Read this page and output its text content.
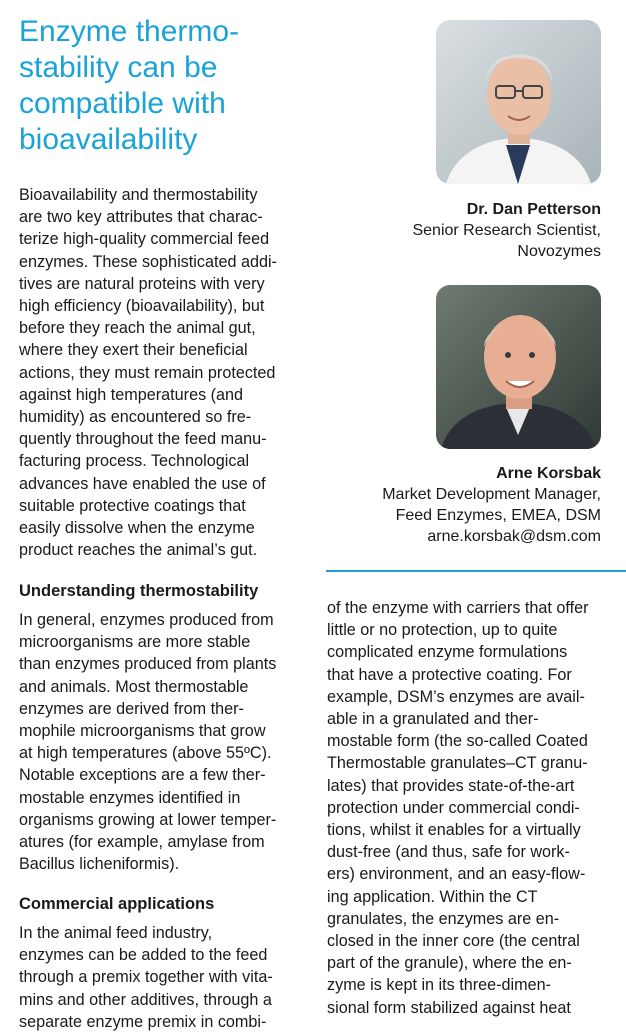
Enzyme thermo-
stability can be
compatible with
bioavailability

Bioavailability and thermostability
are two key attributes that charac-
terize high-quality commercial feed
enzymes. These sophisticated addi-
tives are natural proteins with very
high efficiency (bioavailability), but
before they reach the animal gut,
where they exert their beneficial
actions, they must remain protected
against high temperatures (and
humidity) as encountered so fre-
quently throughout the feed manu-
facturing process. Technological
advances have enabled the use of
suitable protective coatings that
easily dissolve when the enzyme
product reaches the animal’s gut.

Understanding thermostability

In general, enzymes produced from
microorganisms are more stable
than enzymes produced from plants
and animals. Most thermostable
enzymes are derived from ther-
mophile microorganisms that grow
at high temperatures (above 55ºC).
Notable exceptions are a few ther-
mostable enzymes identified in
organisms growing at lower temper-
atures (for example, amylase from
Bacillus licheniformis).

Commercial applications

In the animal feed industry,
enzymes can be added to the feed
through a premix together with vita-
mins and other additives, through a
separate enzyme premix in combi-

Dr. Dan Petterson
Senior Research Scientist,
Novozymes
Arne Korsbak
Market Development Manager,
Feed Enzymes, EMEA, DSM
arne.korsbak@dsm.com

of the enzyme with carriers that offer
little or no protection, up to quite
complicated enzyme formulations
that have a protective coating. For
example, DSM’s enzymes are avail-
able in a granulated and ther-
mostable form (the so-called Coated
Thermostable granulates–CT granu-
lates) that provides state-of-the-art
protection under commercial condi-
tions, whilst it enables for a virtually
dust-free (and thus, safe for work-
ers) environment, and an easy-flow-
ing application. Within the CT
granulates, the enzymes are en-
closed in the inner core (the central
part of the granule), where the en-
zyme is kept in its three-dimen-
sional form stabilized against heat
